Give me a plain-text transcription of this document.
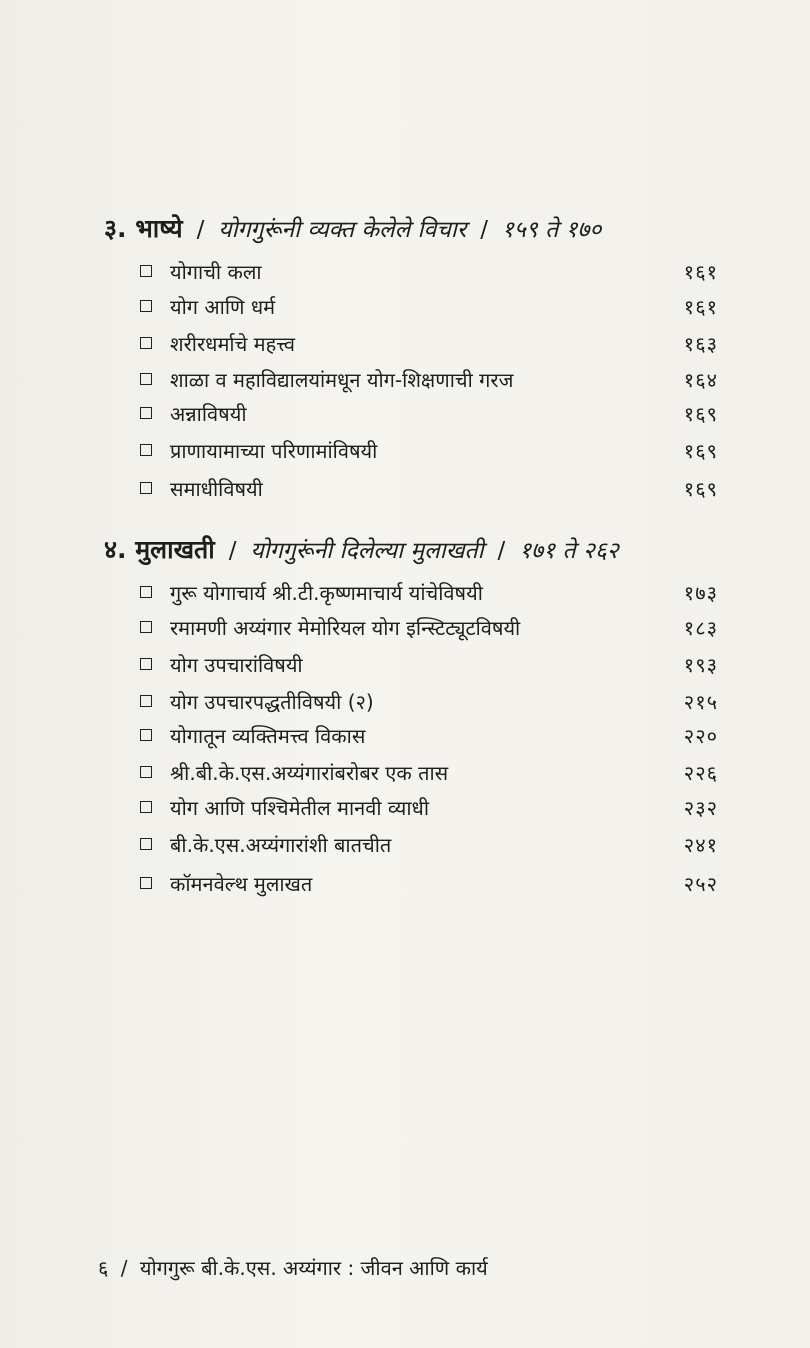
३. भाष्ये / योगगुरूंनी व्यक्त केलेले विचार / १५९ ते १७०
योगाची कला	१६१
योग आणि धर्म	१६१
शरीरधर्माचे महत्त्व	१६३
शाळा व महाविद्यालयांमधून योग-शिक्षणाची गरज	१६४
अन्नाविषयी	१६९
प्राणायामाच्या परिणामांविषयी	१६९
समाधीविषयी	१६९
४. मुलाखती / योगगुरूंनी दिलेल्या मुलाखती / १७१ ते २६२
गुरू योगाचार्य श्री.टी.कृष्णमाचार्य यांचेविषयी	१७३
रमामणी अय्यंगार मेमोरियल योग इन्स्टिट्यूटविषयी	१८३
योग उपचारांविषयी	१९३
योग उपचारपद्धतीविषयी (२)	२१५
योगातून व्यक्तिमत्त्व विकास	२२०
श्री.बी.के.एस.अय्यंगारांबरोबर एक तास	२२६
योग आणि पश्चिमेतील मानवी व्याधी	२३२
बी.के.एस.अय्यंगारांशी बातचीत	२४१
कॉमनवेल्थ मुलाखत	२५२
६ / योगगुरू बी.के.एस. अय्यंगार : जीवन आणि कार्य
